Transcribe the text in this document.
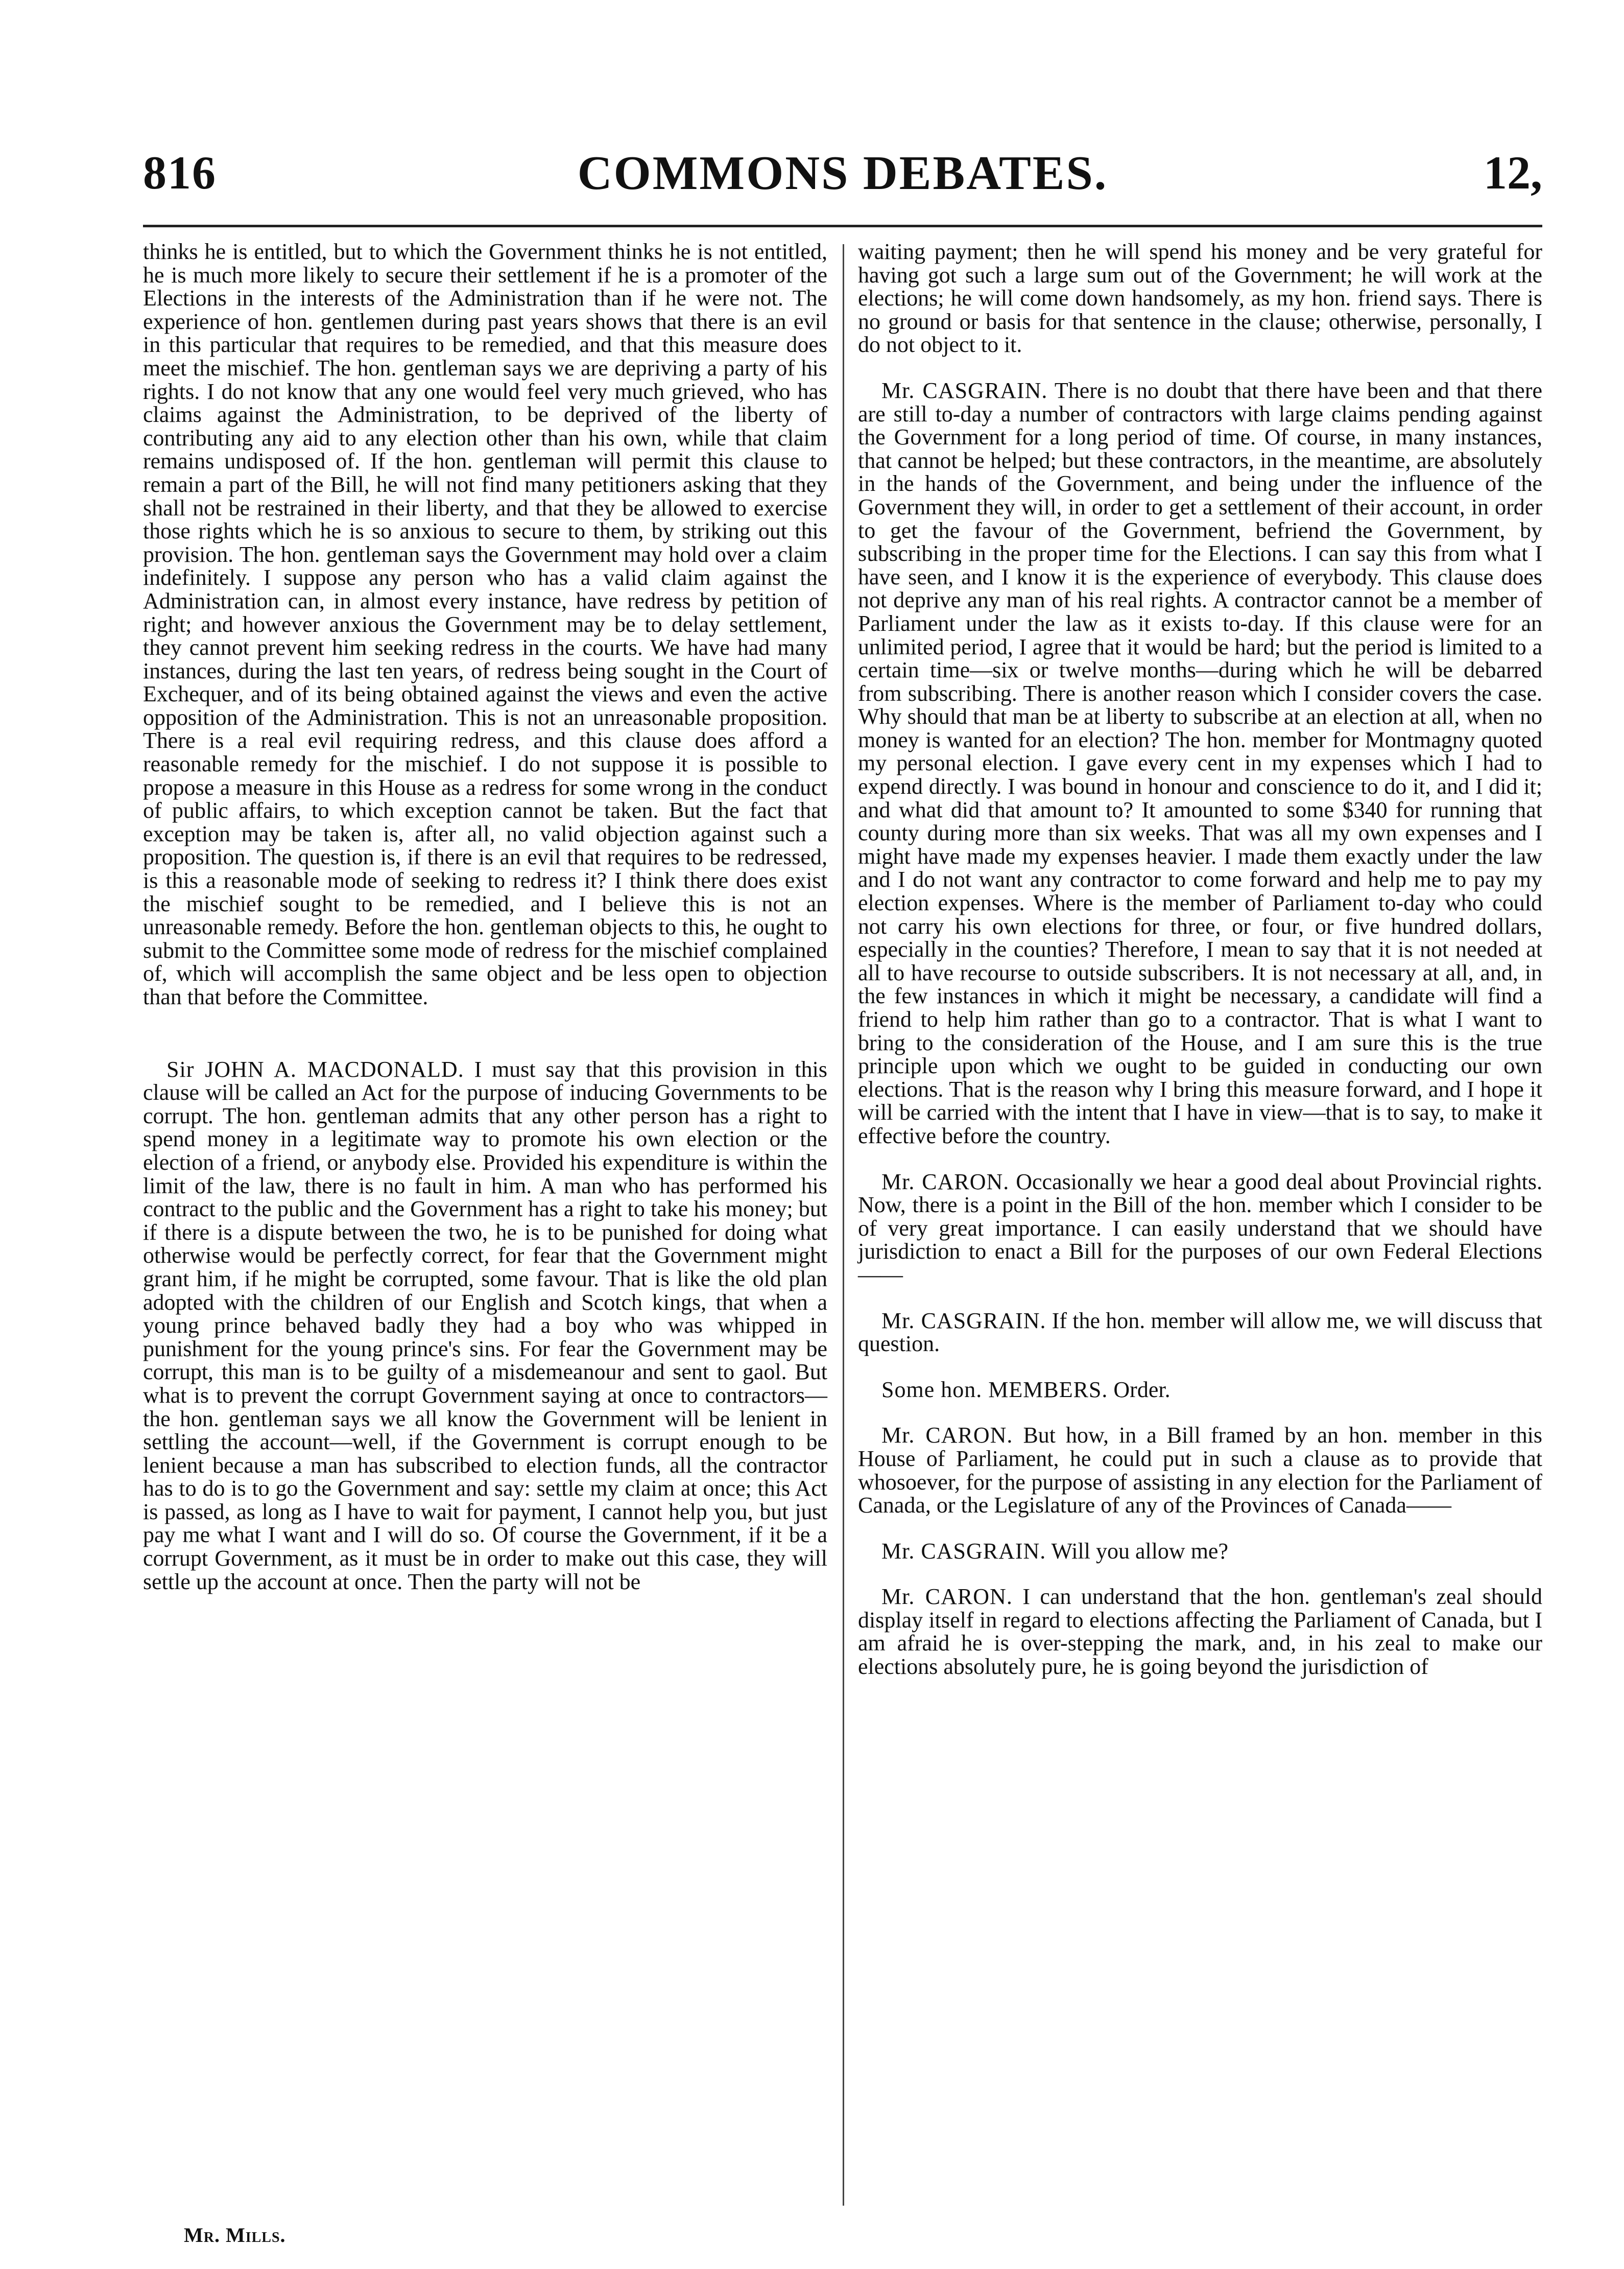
816	COMMONS DEBATES.	12,

thinks he is entitled, but to which the Government thinks he is not entitled, he is much more likely to secure their settlement if he is a promoter of the Elections in the interests of the Administration than if he were not. The experience of hon. gentlemen during past years shows that there is an evil in this particular that requires to be remedied, and that this measure does meet the mischief. The hon. gentleman says we are depriving a party of his rights. I do not know that any one would feel very much grieved, who has claims against the Administration, to be deprived of the liberty of contributing any aid to any election other than his own, while that claim remains undisposed of. If the hon. gentleman will permit this clause to remain a part of the Bill, he will not find many petitioners asking that they shall not be restrained in their liberty, and that they be allowed to exercise those rights which he is so anxious to secure to them, by striking out this provision. The hon. gentleman says the Government may hold over a claim indefinitely. I suppose any person who has a valid claim against the Administration can, in almost every instance, have redress by petition of right; and however anxious the Government may be to delay settlement, they cannot prevent him seeking redress in the courts. We have had many instances, during the last ten years, of redress being sought in the Court of Exchequer, and of its being obtained against the views and even the active opposition of the Administration. This is not an unreasonable proposition. There is a real evil requiring redress, and this clause does afford a reasonable remedy for the mischief. I do not suppose it is possible to propose a measure in this House as a redress for some wrong in the conduct of public affairs, to which exception cannot be taken. But the fact that exception may be taken is, after all, no valid objection against such a proposition. The question is, if there is an evil that requires to be redressed, is this a reasonable mode of seeking to redress it? I think there does exist the mischief sought to be remedied, and I believe this is not an unreasonable remedy. Before the hon. gentleman objects to this, he ought to submit to the Committee some mode of redress for the mischief complained of, which will accomplish the same object and be less open to objection than that before the Committee.

Sir JOHN A. MACDONALD. I must say that this provision in this clause will be called an Act for the purpose of inducing Governments to be corrupt. The hon. gentleman admits that any other person has a right to spend money in a legitimate way to promote his own election or the election of a friend, or anybody else. Provided his expenditure is within the limit of the law, there is no fault in him. A man who has performed his contract to the public and the Government has a right to take his money; but if there is a dispute between the two, he is to be punished for doing what otherwise would be perfectly correct, for fear that the Government might grant him, if he might be corrupted, some favour. That is like the old plan adopted with the children of our English and Scotch kings, that when a young prince behaved badly they had a boy who was whipped in punishment for the young prince's sins. For fear the Government may be corrupt, this man is to be guilty of a misdemeanour and sent to gaol. But what is to prevent the corrupt Government saying at once to contractors—the hon. gentleman says we all know the Government will be lenient in settling the account—well, if the Government is corrupt enough to be lenient because a man has subscribed to election funds, all the contractor has to do is to go the Government and say: settle my claim at once; this Act is passed, as long as I have to wait for payment, I cannot help you, but just pay me what I want and I will do so. Of course the Government, if it be a corrupt Government, as it must be in order to make out this case, they will settle up the account at once. Then the party will not be

waiting payment; then he will spend his money and be very grateful for having got such a large sum out of the Government; he will work at the elections; he will come down handsomely, as my hon. friend says. There is no ground or basis for that sentence in the clause; otherwise, personally, I do not object to it.

Mr. CASGRAIN. There is no doubt that there have been and that there are still to-day a number of contractors with large claims pending against the Government for a long period of time. Of course, in many instances, that cannot be helped; but these contractors, in the meantime, are absolutely in the hands of the Government, and being under the influence of the Government they will, in order to get a settlement of their account, in order to get the favour of the Government, befriend the Government, by subscribing in the proper time for the Elections. I can say this from what I have seen, and I know it is the experience of everybody. This clause does not deprive any man of his real rights. A contractor cannot be a member of Parliament under the law as it exists to-day. If this clause were for an unlimited period, I agree that it would be hard; but the period is limited to a certain time—six or twelve months—during which he will be debarred from subscribing. There is another reason which I consider covers the case. Why should that man be at liberty to subscribe at an election at all, when no money is wanted for an election? The hon. member for Montmagny quoted my personal election. I gave every cent in my expenses which I had to expend directly. I was bound in honour and conscience to do it, and I did it; and what did that amount to? It amounted to some $340 for running that county during more than six weeks. That was all my own expenses and I might have made my expenses heavier. I made them exactly under the law and I do not want any contractor to come forward and help me to pay my election expenses. Where is the member of Parliament to-day who could not carry his own elections for three, or four, or five hundred dollars, especially in the counties? Therefore, I mean to say that it is not needed at all to have recourse to outside subscribers. It is not necessary at all, and, in the few instances in which it might be necessary, a candidate will find a friend to help him rather than go to a contractor. That is what I want to bring to the consideration of the House, and I am sure this is the true principle upon which we ought to be guided in conducting our own elections. That is the reason why I bring this measure forward, and I hope it will be carried with the intent that I have in view—that is to say, to make it effective before the country.

Mr. CARON. Occasionally we hear a good deal about Provincial rights. Now, there is a point in the Bill of the hon. member which I consider to be of very great importance. I can easily understand that we should have jurisdiction to enact a Bill for the purposes of our own Federal Elections——

Mr. CASGRAIN. If the hon. member will allow me, we will discuss that question.

Some hon. MEMBERS. Order.

Mr. CARON. But how, in a Bill framed by an hon. member in this House of Parliament, he could put in such a clause as to provide that whosoever, for the purpose of assisting in any election for the Parliament of Canada, or the Legislature of any of the Provinces of Canada——

Mr. CASGRAIN. Will you allow me?

Mr. CARON. I can understand that the hon. gentleman's zeal should display itself in regard to elections affecting the Parliament of Canada, but I am afraid he is over-stepping the mark, and, in his zeal to make our elections absolutely pure, he is going beyond the jurisdiction of

Mr. Mills.
